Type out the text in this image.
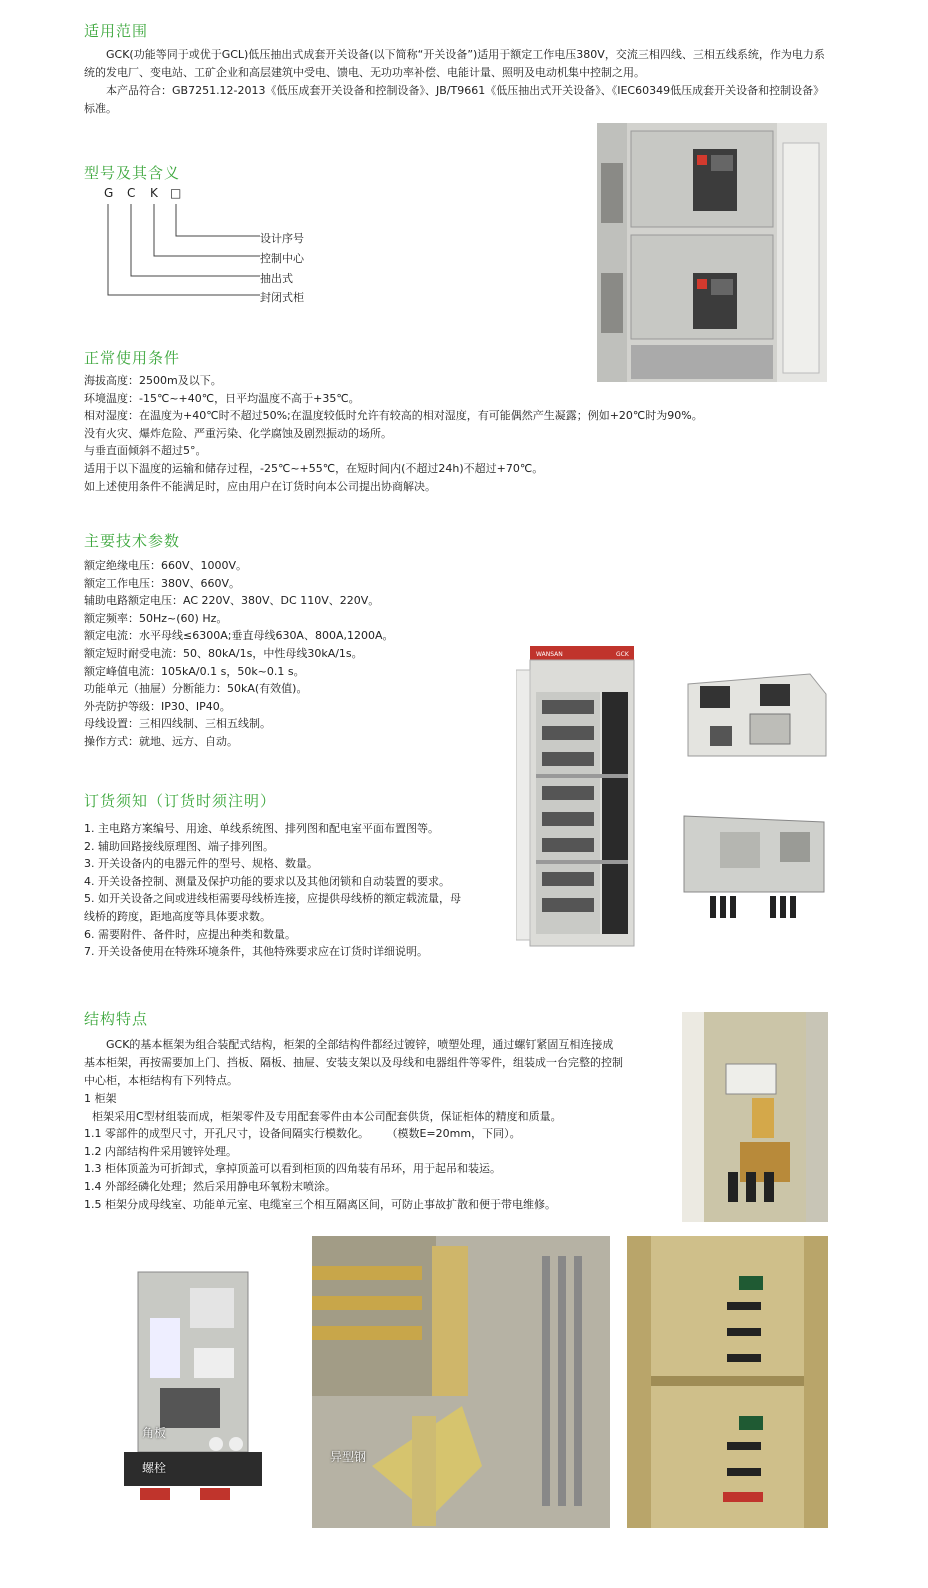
适用范围

GCK(功能等同于或优于GCL)低压抽出式成套开关设备(以下简称“开关设备”)适用于额定工作电压380V，交流三相四线、三相五线系统，作为电力系统的发电厂、变电站、工矿企业和高层建筑中受电、馈电、无功功率补偿、电能计量、照明及电动机集中控制之用。

本产品符合：GB7251.12-2013《低压成套开关设备和控制设备》、JB/T9661《低压抽出式开关设备》、《IEC60349低压成套开关设备和控制设备》标准。

型号及其含义
G C K □
设计序号
控制中心
抽出式
封闭式柜
正常使用条件
海拔高度：2500m及以下。
环境温度：-15℃~+40℃，日平均温度不高于+35℃。
相对湿度：在温度为+40℃时不超过50%;在温度较低时允许有较高的相对湿度，有可能偶然产生凝露；例如+20℃时为90%。
没有火灾、爆炸危险、严重污染、化学腐蚀及剧烈振动的场所。
与垂直面倾斜不超过5°。
适用于以下温度的运输和储存过程，-25℃~+55℃，在短时间内(不超过24h)不超过+70℃。
如上述使用条件不能满足时，应由用户在订货时向本公司提出协商解决。
主要技术参数
额定绝缘电压：660V、1000V。
额定工作电压：380V、660V。
辅助电路额定电压：AC 220V、380V、DC 110V、220V。
额定频率：50Hz~(60) Hz。
额定电流：水平母线≤6300A;垂直母线630A、800A,1200A。
额定短时耐受电流：50、80kA/1s，中性母线30kA/1s。
额定峰值电流：105kA/0.1 s，50k~0.1 s。
功能单元（抽屉）分断能力：50kA(有效值)。
外壳防护等级：IP30、IP40。
母线设置：三相四线制、三相五线制。
操作方式：就地、远方、自动。
WANSAN	GCK
订货须知（订货时须注明）
1. 主电路方案编号、用途、单线系统图、排列图和配电室平面布置图等。
2. 辅助回路接线原理图、端子排列图。
3. 开关设备内的电器元件的型号、规格、数量。
4. 开关设备控制、测量及保护功能的要求以及其他闭锁和自动装置的要求。
5. 如开关设备之间或进线柜需要母线桥连接，应提供母线桥的额定载流量，母线桥的跨度，距地高度等具体要求数。
6. 需要附件、备件时，应提出种类和数量。
7. 开关设备使用在特殊环境条件，其他特殊要求应在订货时详细说明。
结构特点

GCK的基本框架为组合装配式结构，柜架的全部结构件都经过镀锌，喷塑处理，通过螺钉紧固互相连接成基本柜架，再按需要加上门、挡板、隔板、抽屉、安装支架以及母线和电器组件等零件，组装成一台完整的控制中心柜，本柜结构有下列特点。

1 柜架
柜架采用C型材组装而成，柜架零件及专用配套零件由本公司配套供货，保证柜体的精度和质量。
1.1 零部件的成型尺寸，开孔尺寸，设备间隔实行模数化。     （模数E=20mm，下同）。
1.2 内部结构件采用镀锌处理。
1.3 柜体顶盖为可折卸式，拿掉顶盖可以看到柜顶的四角装有吊环，用于起吊和装运。
1.4 外部经磷化处理；然后采用静电环氧粉末喷涂。
1.5 柜架分成母线室、功能单元室、电缆室三个相互隔离区间，可防止事故扩散和便于带电维修。
角板
螺栓
异型钢
